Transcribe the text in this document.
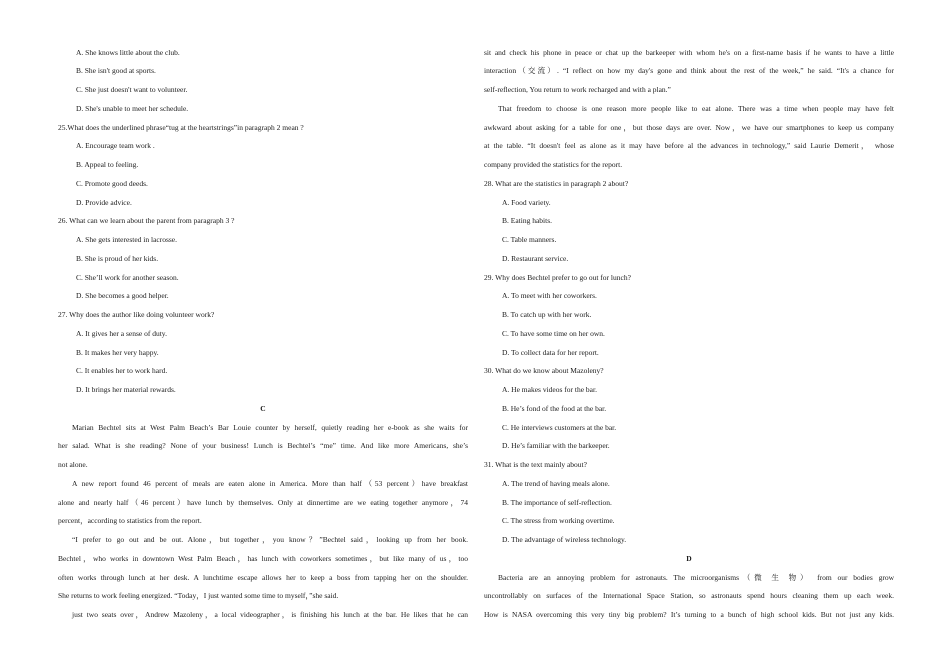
A. She knows little about the club.
B. She isn't good at sports.
C. She just doesn't want to volunteer.
D. She's unable to meet her schedule.
25.What does the underlined phrase“tug at the heartstrings”in paragraph 2 mean ?
A. Encourage team work .
B. Appeal to feeling.
C. Promote good deeds.
D. Provide advice.
26. What can we learn about the parent from paragraph 3 ?
A. She gets interested in lacrosse.
B. She is proud of her kids.
C. She’ll work for another season.
D. She becomes a good helper.
27. Why does the author like doing volunteer work?
A. It gives her a sense of duty.
B. It makes her very happy.
C. It enables her to work hard.
D. It brings her material rewards.
C
Marian Bechtel sits at West Palm Beach’s Bar Louie counter by herself, quietly reading her e-book as she waits for
her salad. What is she reading? None of your business! Lunch is Bechtel’s “me” time. And like more Americans, she’s
not alone.
A new report found 46 percent of meals are eaten alone in America. More than half（53 percent）have breakfast
alone and nearly half（46 percent）have lunch by themselves. Only at dinnertime are we eating together anymore，74
percent，according to statistics from the report.
“I prefer to go out and be out. Alone，but together，you know？”Bechtel said，looking up from her book.
Bechtel，who works in downtown West Palm Beach，has lunch with coworkers sometimes，but like many of us，too
often works through lunch at her desk. A lunchtime escape allows her to keep a boss from tapping her on the shoulder.
She returns to work feeling energized. “Today，I just wanted some time to myself，”she said.
just two seats over，Andrew Mazoleny，a local videographer，is finishing his lunch at the bar. He likes that he can
sit and check his phone in peace or chat up the barkeeper with whom he's on a first-name basis if he wants to have a little
interaction（交流）. “I reflect on how my day's gone and think about the rest of the week,” he said. “It's a chance for
self-reflection, You return to work recharged and with a plan.”
That freedom to choose is one reason more people like to eat alone. There was a time when people may have felt
awkward about asking for a table for one，but those days are over. Now，we have our smartphones to keep us company
at the table. “It doesn't feel as alone as it may have before al the advances in technology,” said Laurie Demerit， whose
company provided the statistics for the report.
28. What are the statistics in paragraph 2 about?
A. Food variety.
B. Eating habits.
C. Table manners.
D. Restaurant service.
29. Why does Bechtel prefer to go out for lunch?
A. To meet with her coworkers.
B. To catch up with her work.
C. To have some time on her own.
D. To collect data for her report.
30. What do we know about Mazoleny?
A. He makes videos for the bar.
B. He’s fond of the food at the bar.
C. He interviews customers at the bar.
D. He’s familiar with the barkeeper.
31. What is the text mainly about?
A. The trend of having meals alone.
B. The importance of self-reflection.
C. The stress from working overtime.
D. The advantage of wireless technology.
D
Bacteria are an annoying problem for astronauts. The microorganisms（微 生 物） from our bodies grow
uncontrollably on surfaces of the International Space Station, so astronauts spend hours cleaning them up each week.
How is NASA overcoming this very tiny big problem? It’s turning to a bunch of high school kids. But not just any kids.
